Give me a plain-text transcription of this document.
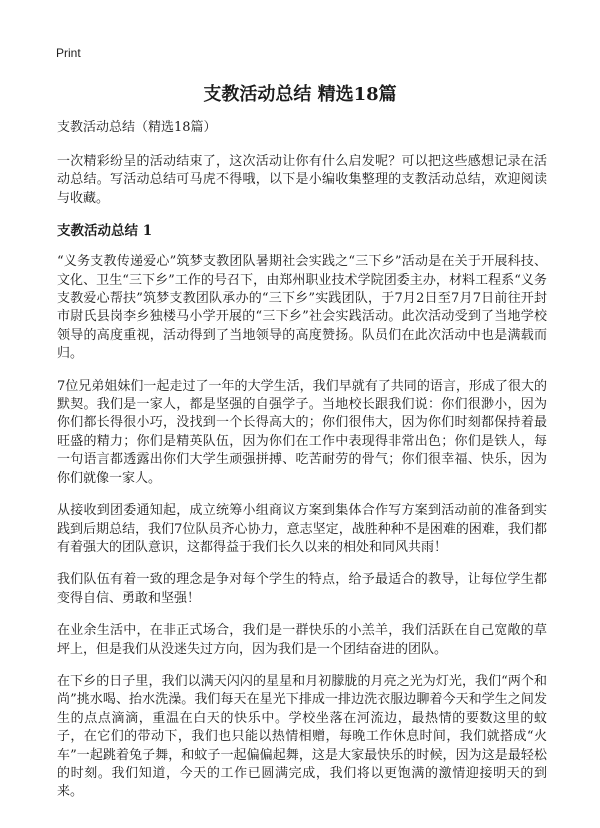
Print
支教活动总结 精选18篇

支教活动总结（精选18篇）

一次精彩纷呈的活动结束了，这次活动让你有什么启发呢？可以把这些感想记录在活动总结。写活动总结可马虎不得哦，以下是小编收集整理的支教活动总结，欢迎阅读与收藏。

支教活动总结 1

“义务支教传递爱心”筑梦支教团队暑期社会实践之“三下乡”活动是在关于开展科技、文化、卫生“三下乡”工作的号召下，由郑州职业技术学院团委主办，材料工程系“义务支教爱心帮扶”筑梦支教团队承办的“三下乡”实践团队，于7月2日至7月7日前往开封市尉氏县岗李乡独楼马小学开展的“三下乡”社会实践活动。此次活动受到了当地学校领导的高度重视，活动得到了当地领导的高度赞扬。队员们在此次活动中也是满载而归。

7位兄弟姐妹们一起走过了一年的大学生活，我们早就有了共同的语言，形成了很大的默契。我们是一家人，都是坚强的自强学子。当地校长跟我们说：你们很渺小，因为你们都长得很小巧，没找到一个长得高大的；你们很伟大，因为你们时刻都保持着最旺盛的精力；你们是精英队伍，因为你们在工作中表现得非常出色；你们是铁人，每一句语言都透露出你们大学生顽强拼搏、吃苦耐劳的骨气；你们很幸福、快乐，因为你们就像一家人。

从接收到团委通知起，成立统筹小组商议方案到集体合作写方案到活动前的准备到实践到后期总结，我们7位队员齐心协力，意志坚定，战胜种种不是困难的困难，我们都有着强大的团队意识，这都得益于我们长久以来的相处和同风共雨！

我们队伍有着一致的理念是争对每个学生的特点，给予最适合的教导，让每位学生都变得自信、勇敢和坚强！

在业余生活中，在非正式场合，我们是一群快乐的小羔羊，我们活跃在自己宽敞的草坪上，但是我们从没迷失过方向，因为我们是一个团结奋进的团队。

在下乡的日子里，我们以满天闪闪的星星和月初朦胧的月亮之光为灯光，我们“两个和尚”挑水喝、抬水洗澡。我们每天在星光下排成一排边洗衣服边聊着今天和学生之间发生的点点滴滴，重温在白天的快乐中。学校坐落在河流边，最热情的要数这里的蚊子，在它们的带动下，我们也只能以热情相赠，每晚工作休息时间，我们就搭成“火车”一起跳着兔子舞，和蚊子一起偏偏起舞，这是大家最快乐的时候，因为这是最轻松的时刻。我们知道，今天的工作已圆满完成，我们将以更饱满的激情迎接明天的到来。
